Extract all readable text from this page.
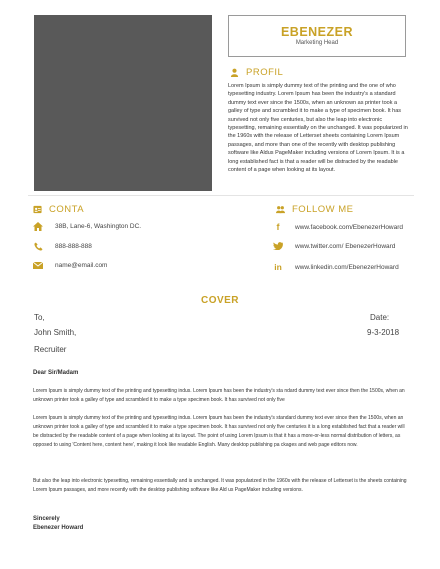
EBENEZER
Marketing Head
PROFIL
Lorem Ipsum is simply dummy text of the printing and the one of who typesetting industry. Lorem Ipsum has been the industry's a standard dummy text ever since the 1500s, when an unknown as printer took a galley of type and scrambled it to make a type of specimen book. It has survived not only five centuries, but also the leap into electronic typesetting, remaining essentially on the unchanged. It was popularized in the 1960s with the release of Letterset sheets containing Lorem Ipsum passages, and more than one of the recently with desktop publishing software like Aldus PageMaker including versions of Lorem Ipsum. It is a long established fact is that a reader will be distracted by the readable content of a page when looking at its layout.
CONTA
38B, Lane-6, Washington DC.
888-888-888
name@email.com
FOLLOW ME
f	www.facebook.com/EbenezerHoward
www.twitter.com/ EbenezerHoward
in	www.linkedin.com/EbenezerHoward
COVER
To,
John Smith,
Recruiter
Date:
9-3-2018
Dear Sir/Madam
Lorem Ipsum is simply dummy text of the printing and typesetting indus. Lorem Ipsum has been the industry's sta ndard dummy text ever since then the 1500s, when an unknown printer took a galley of type and scrambled it to make a type specimen book. It has survived not only five
Lorem Ipsum is simply dummy text of the printing and typesetting indus. Lorem Ipsum has been the industry's standard dummy text ever since then the 1500s, when an unknown printer took a galley of type and scrambled it to make a type specimen book. It has survived not only five centuries it is a long established fact that a reader will be distracted by the readable content of a page when looking at its layout. The point of using Lorem Ipsum is that it has a more-or-less normal distribution of letters, as opposed to using 'Content here, content here', making it look like readable English. Many desktop publishing pa ckages and web page editors now.
But also the leap into electronic typesetting, remaining essentially and is unchanged. It was popularized in the 1960s with the release of Letterset is the sheets containing Lorem Ipsum passages, and more recently with the desktop publishing software like Ald us PageMaker including versions.
Sincerely
Ebenezer Howard
